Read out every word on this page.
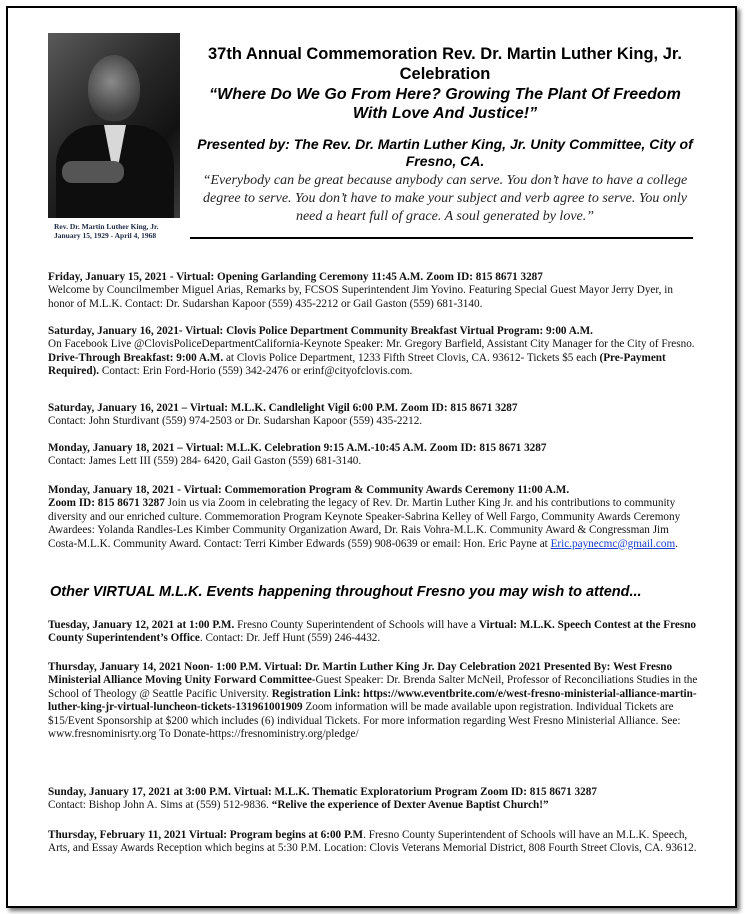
Rev. Dr. Martin Luther King, Jr. January 15, 1929 - April 4, 1968
37th Annual Commemoration Rev. Dr. Martin Luther King, Jr. Celebration
“Where Do We Go From Here? Growing The Plant Of Freedom With Love And Justice!”
Presented by: The Rev. Dr. Martin Luther King, Jr. Unity Committee, City of Fresno, CA.
“Everybody can be great because anybody can serve. You don’t have to have a college degree to serve. You don’t have to make your subject and verb agree to serve. You only need a heart full of grace. A soul generated by love.”
Friday, January 15, 2021 - Virtual: Opening Garlanding Ceremony 11:45 A.M. Zoom ID: 815 8671 3287
Welcome by Councilmember Miguel Arias, Remarks by, FCSOS Superintendent Jim Yovino. Featuring Special Guest Mayor Jerry Dyer, in honor of M.L.K. Contact: Dr. Sudarshan Kapoor (559) 435-2212 or Gail Gaston (559) 681-3140.
Saturday, January 16, 2021- Virtual: Clovis Police Department Community Breakfast Virtual Program: 9:00 A.M.
On Facebook Live @ClovisPoliceDepartmentCalifornia-Keynote Speaker: Mr. Gregory Barfield, Assistant City Manager for the City of Fresno. Drive-Through Breakfast: 9:00 A.M. at Clovis Police Department, 1233 Fifth Street Clovis, CA. 93612- Tickets $5 each (Pre-Payment Required). Contact: Erin Ford-Horio (559) 342-2476 or erinf@cityofclovis.com.
Saturday, January 16, 2021 – Virtual: M.L.K. Candlelight Vigil 6:00 P.M. Zoom ID: 815 8671 3287
Contact: John Sturdivant (559) 974-2503 or Dr. Sudarshan Kapoor (559) 435-2212.
Monday, January 18, 2021 – Virtual: M.L.K. Celebration 9:15 A.M.-10:45 A.M. Zoom ID: 815 8671 3287
Contact: James Lett III (559) 284- 6420, Gail Gaston (559) 681-3140.
Monday, January 18, 2021 - Virtual: Commemoration Program & Community Awards Ceremony 11:00 A.M.
Zoom ID: 815 8671 3287 Join us via Zoom in celebrating the legacy of Rev. Dr. Martin Luther King Jr. and his contributions to community diversity and our enriched culture. Commemoration Program Keynote Speaker-Sabrina Kelley of Well Fargo, Community Awards Ceremony Awardees: Yolanda Randles-Les Kimber Community Organization Award, Dr. Rais Vohra-M.L.K. Community Award & Congressman Jim Costa-M.L.K. Community Award. Contact: Terri Kimber Edwards (559) 908-0639 or email: Hon. Eric Payne at Eric.paynecmc@gmail.com.
Other VIRTUAL M.L.K. Events happening throughout Fresno you may wish to attend...
Tuesday, January 12, 2021 at 1:00 P.M. Fresno County Superintendent of Schools will have a Virtual: M.L.K. Speech Contest at the Fresno County Superintendent’s Office. Contact: Dr. Jeff Hunt (559) 246-4432.
Thursday, January 14, 2021 Noon- 1:00 P.M. Virtual: Dr. Martin Luther King Jr. Day Celebration 2021 Presented By: West Fresno Ministerial Alliance Moving Unity Forward Committee-Guest Speaker: Dr. Brenda Salter McNeil, Professor of Reconciliations Studies in the School of Theology @ Seattle Pacific University. Registration Link: https://www.eventbrite.com/e/west-fresno-ministerial-alliance-martin-luther-king-jr-virtual-luncheon-tickets-131961001909 Zoom information will be made available upon registration. Individual Tickets are $15/Event Sponsorship at $200 which includes (6) individual Tickets. For more information regarding West Fresno Ministerial Alliance. See: www.fresnominisrty.org To Donate-https://fresnoministry.org/pledge/
Sunday, January 17, 2021 at 3:00 P.M. Virtual: M.L.K. Thematic Exploratorium Program Zoom ID: 815 8671 3287
Contact: Bishop John A. Sims at (559) 512-9836. “Relive the experience of Dexter Avenue Baptist Church!”
Thursday, February 11, 2021 Virtual: Program begins at 6:00 P.M. Fresno County Superintendent of Schools will have an M.L.K. Speech, Arts, and Essay Awards Reception which begins at 5:30 P.M. Location: Clovis Veterans Memorial District, 808 Fourth Street Clovis, CA. 93612.
